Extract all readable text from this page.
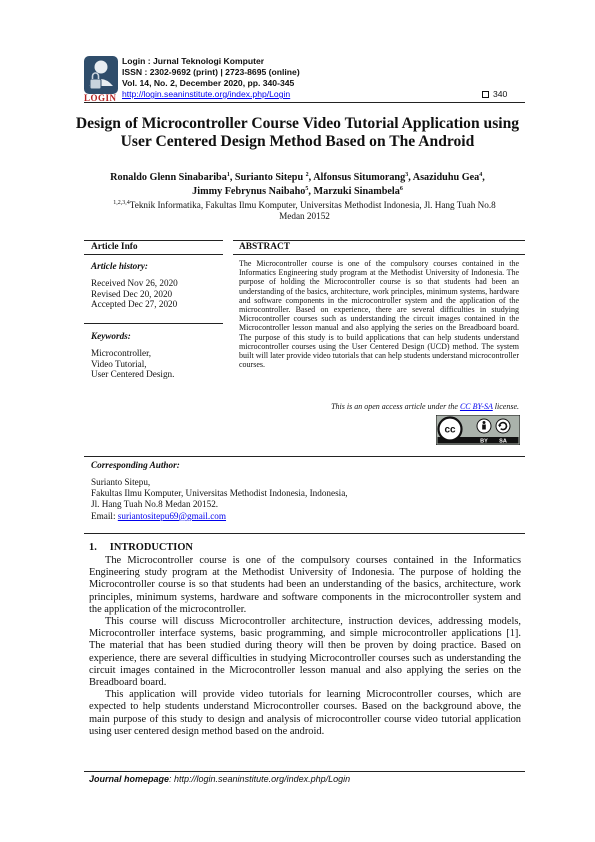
LOGIN
Login : Jurnal Teknologi Komputer
ISSN : 2302-9692 (print) | 2723-8695 (online)
Vol. 14, No. 2, December 2020, pp. 340-345
http://login.seaninstitute.org/index.php/Login	340
Design of Microcontroller Course Video Tutorial Application using User Centered Design Method Based on The Android
Ronaldo Glenn Sinabariba$^1$, Surianto Sitepu $^2$, Alfonsus Situmorang$^3$, Asaziduhu Gea$^4$,
Jimmy Febrynus Naibaho$^5$, Marzuki Sinambela$^6$
$^{1,2,3,4}$Teknik Informatika, Fakultas Ilmu Komputer, Universitas Methodist Indonesia, Jl. Hang Tuah No.8
Medan 20152
Article Info	ABSTRACT
Article history:
Received Nov 26, 2020
Revised Dec 20, 2020
Accepted Dec 27, 2020
Keywords:
Microcontroller,
Video Tutorial,
User Centered Design.
The Microcontroller course is one of the compulsory courses contained in the Informatics Engineering study program at the Methodist University of Indonesia. The purpose of holding the Microcontroller course is so that students had been an understanding of the basics, architecture, work principles, minimum systems, hardware and software components in the microcontroller system and the application of the microcontroller. Based on experience, there are several difficulties in studying Microcontroller courses such as understanding the circuit images contained in the Microcontroller lesson manual and also applying the series on the Breadboard board. The purpose of this study is to build applications that can help students understand microcontroller courses using the User Centered Design (UCD) method. The system built will later provide video tutorials that can help students understand microcontroller courses.
This is an open access article under the CC BY-SA license.
cc
BY SA
Corresponding Author:
Surianto Sitepu,
Fakultas Ilmu Komputer, Universitas Methodist Indonesia, Indonesia,
Jl. Hang Tuah No.8 Medan 20152.
Email: suriantositepu69@gmail.com
1.     INTRODUCTION

The Microcontroller course is one of the compulsory courses contained in the Informatics Engineering study program at the Methodist University of Indonesia. The purpose of holding the Microcontroller course is so that students had been an understanding of the basics, architecture, work principles, minimum systems, hardware and software components in the microcontroller system and the application of the microcontroller.

This course will discuss Microcontroller architecture, instruction devices, addressing models, Microcontroller interface systems, basic programming, and simple microcontroller applications [1]. The material that has been studied during theory will then be proven by doing practice. Based on experience, there are several difficulties in studying Microcontroller courses such as understanding the circuit images contained in the Microcontroller lesson manual and also applying the series on the Breadboard board.

This application will provide video tutorials for learning Microcontroller courses, which are expected to help students understand Microcontroller courses. Based on the background above, the main purpose of this study to design and analysis of microcontroller course video tutorial application using user centered design method based on the android.

Journal homepage: http://login.seaninstitute.org/index.php/Login
